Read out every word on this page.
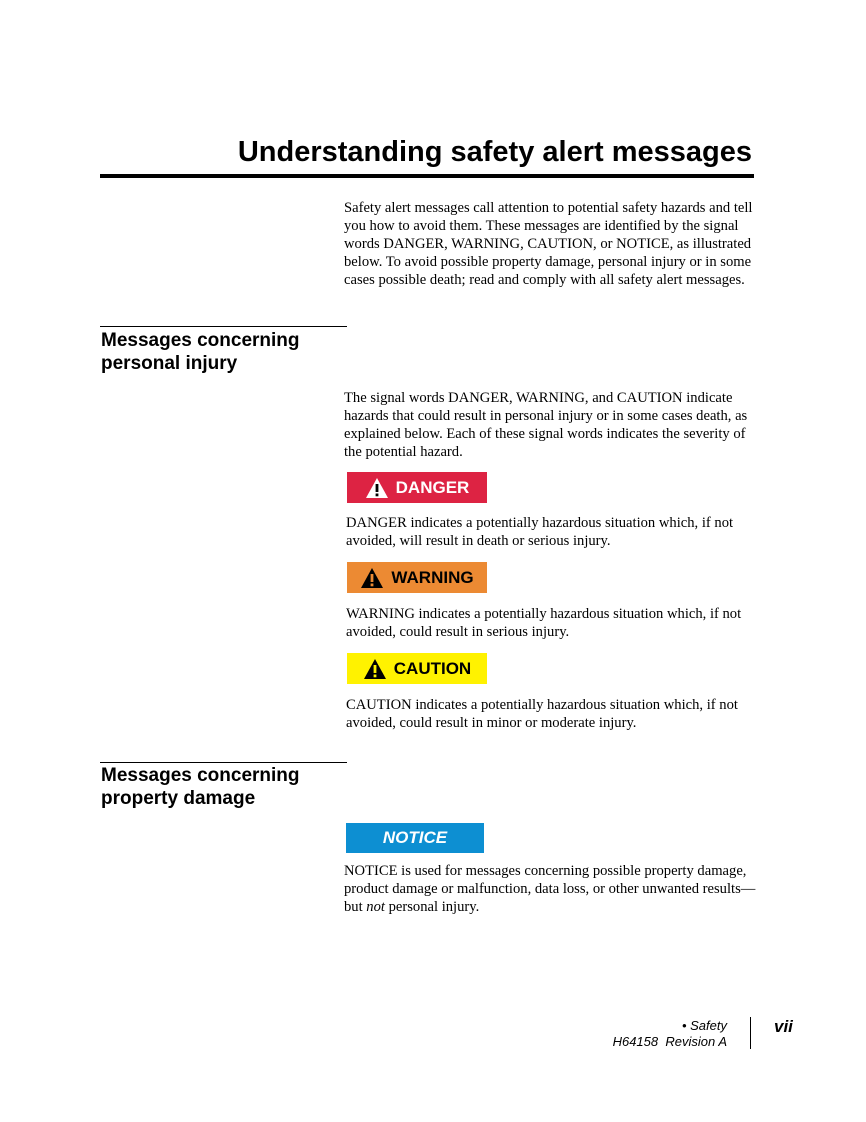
Understanding safety alert messages
Safety alert messages call attention to potential safety hazards and tell you how to avoid them. These messages are identified by the signal words DANGER, WARNING, CAUTION, or NOTICE, as illustrated below. To avoid possible property damage, personal injury or in some cases possible death; read and comply with all safety alert messages.
Messages concerning personal injury
The signal words DANGER, WARNING, and CAUTION indicate hazards that could result in personal injury or in some cases death, as explained below. Each of these signal words indicates the severity of the potential hazard.
DANGER
DANGER indicates a potentially hazardous situation which, if not avoided, will result in death or serious injury.
WARNING
WARNING indicates a potentially hazardous situation which, if not avoided, could result in serious injury.
CAUTION
CAUTION indicates a potentially hazardous situation which, if not avoided, could result in minor or moderate injury.
Messages concerning property damage
NOTICE
NOTICE is used for messages concerning possible property damage, product damage or malfunction, data loss, or other unwanted results—but not personal injury.
• Safety
H64158  Revision A
vii
